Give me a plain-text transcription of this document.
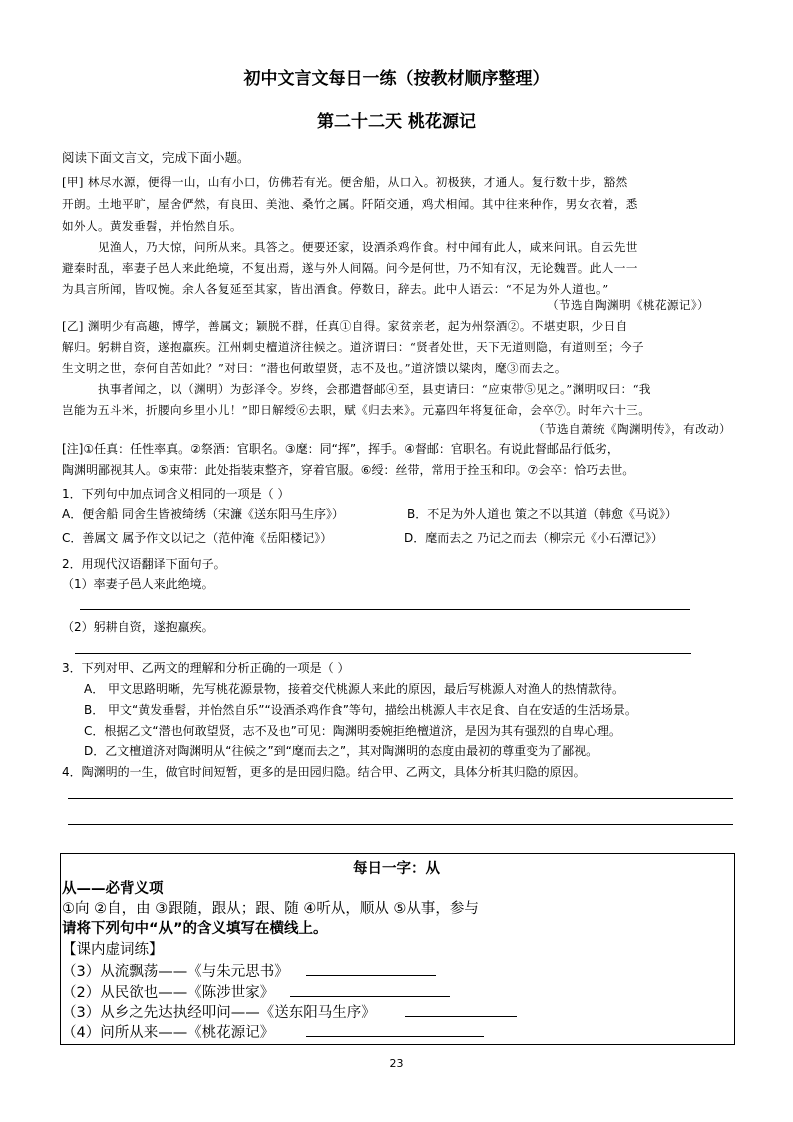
初中文言文每日一练（按教材顺序整理）
第二十二天 桃花源记
阅读下面文言文，完成下面小题。
[甲] 林尽水源，便得一山，山有小口，仿佛若有光。便舍船，从口入。初极狭，才通人。复行数十步，豁然
开朗。土地平旷，屋舍俨然，有良田、美池、桑竹之属。阡陌交通，鸡犬相闻。其中往来种作，男女衣着，悉
如外人。黄发垂髫，并怡然自乐。
见渔人，乃大惊，问所从来。具答之。便要还家，设酒杀鸡作食。村中闻有此人，咸来问讯。自云先世
避秦时乱，率妻子邑人来此绝境，不复出焉，遂与外人间隔。问今是何世，乃不知有汉，无论魏晋。此人一一
为具言所闻，皆叹惋。余人各复延至其家，皆出酒食。停数日，辞去。此中人语云：“不足为外人道也。”
（节选自陶渊明《桃花源记》）
[乙] 渊明少有高趣，博学，善属文；颖脱不群，任真①自得。家贫亲老，起为州祭酒②。不堪吏职，少日自
解归。躬耕自资，遂抱羸疾。江州刺史檀道济往候之。道济谓曰：“贤者处世，天下无道则隐，有道则至；今子
生文明之世，奈何自苦如此？”对曰：“潜也何敢望贤，志不及也。”道济馈以粱肉，麾③而去之。
执事者闻之，以（渊明）为彭泽令。岁终，会郡遣督邮④至，县吏请曰：“应束带⑤见之。”渊明叹曰：“我
岂能为五斗米，折腰向乡里小儿！”即日解绶⑥去职，赋《归去来》。元嘉四年将复征命，会卒⑦。时年六十三。
（节选自萧统《陶渊明传》，有改动）
[注]①任真：任性率真。②祭酒：官职名。③麾：同“挥”，挥手。④督邮：官职名。有说此督邮品行低劣，
陶渊明鄙视其人。⑤束带：此处指装束整齐，穿着官服。⑥绶：丝带，常用于拴玉和印。⑦会卒：恰巧去世。
1．下列句中加点词含义相同的一项是（ ）
A．便舍船 同舍生皆被绮绣（宋濂《送东阳马生序》）	B．不足为外人道也 策之不以其道（韩愈《马说》）
C．善属文 属予作文以记之（范仲淹《岳阳楼记》）	D．麾而去之 乃记之而去（柳宗元《小石潭记》）
2．用现代汉语翻译下面句子。
（1）率妻子邑人来此绝境。
（2）躬耕自资，遂抱羸疾。
3．下列对甲、乙两文的理解和分析正确的一项是（ ）
A． 甲文思路明晰，先写桃花源景物，接着交代桃源人来此的原因，最后写桃源人对渔人的热情款待。
B． 甲文“黄发垂髫，并怡然自乐”“设酒杀鸡作食”等句，描绘出桃源人丰衣足食、自在安适的生活场景。
C．根据乙文“潜也何敢望贤，志不及也”可见：陶渊明委婉拒绝檀道济，是因为其有强烈的自卑心理。
D．乙文檀道济对陶渊明从“往候之”到“麾而去之”，其对陶渊明的态度由最初的尊重变为了鄙视。
4．陶渊明的一生，做官时间短暂，更多的是田园归隐。结合甲、乙两文，具体分析其归隐的原因。
每日一字：从
从——必背义项
①向 ②自，由 ③跟随，跟从；跟、随 ④听从，顺从 ⑤从事，参与
请将下列句中“从”的含义填写在横线上。
【课内虚词练】
（3）从流飘荡——《与朱元思书》
（2）从民欲也——《陈涉世家》
（3）从乡之先达执经叩问——《送东阳马生序》
（4）问所从来——《桃花源记》
23
